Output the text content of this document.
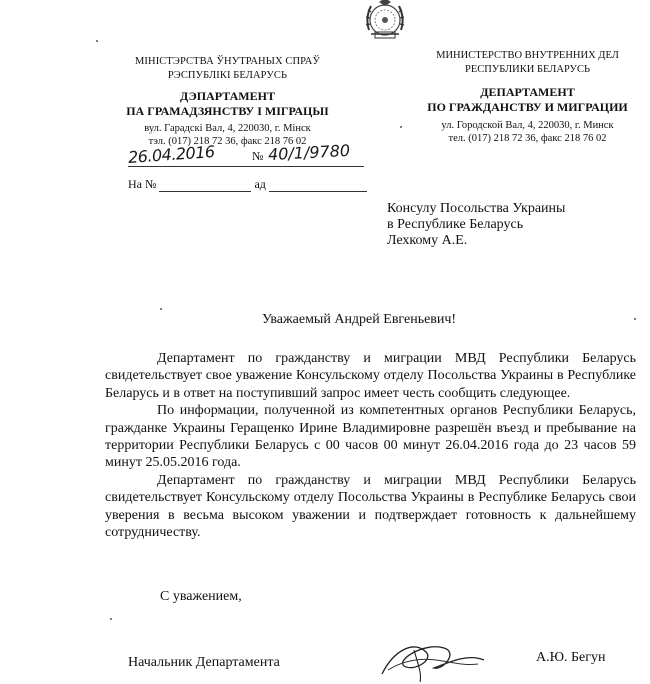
МІНІСТЭРСТВА ЎНУТРАНЫХ СПРАЎ
РЭСПУБЛІКІ БЕЛАРУСЬ
ДЭПАРТАМЕНТ
ПА ГРАМАДЗЯНСТВУ І МІГРАЦЫІ
вул. Гарадскі Вал, 4, 220030, г. Мінск
тэл. (017) 218 72 36, факс 218 76 02
МИНИСТЕРСТВО ВНУТРЕННИХ ДЕЛ
РЕСПУБЛИКИ БЕЛАРУСЬ
ДЕПАРТАМЕНТ
ПО ГРАЖДАНСТВУ И МИГРАЦИИ
ул. Городской Вал, 4, 220030, г. Минск
тел. (017) 218 72 36, факс 218 76 02
26.04.2016	№ 40/1/9780
На №	ад
Консулу Посольства Украины
в Республике Беларусь
Лехкому А.Е.
Уважаемый Андрей Евгеньевич!

Департамент по гражданству и миграции МВД Республики Беларусь свидетельствует свое уважение Консульскому отделу Посольства Украины в Республике Беларусь и в ответ на поступивший запрос имеет честь сообщить следующее.

По информации, полученной из компетентных органов Республики Беларусь, гражданке Украины Геращенко Ирине Владимировне разрешён въезд и пребывание на территории Республики Беларусь с 00 часов 00 минут 26.04.2016 года до 23 часов 59 минут 25.05.2016 года.

Департамент по гражданству и миграции МВД Республики Беларусь свидетельствует Консульскому отделу Посольства Украины в Республике Беларусь свои уверения в весьма высоком уважении и подтверждает готовность к дальнейшему сотрудничеству.

С уважением,
Начальник Департамента	А.Ю. Бегун
